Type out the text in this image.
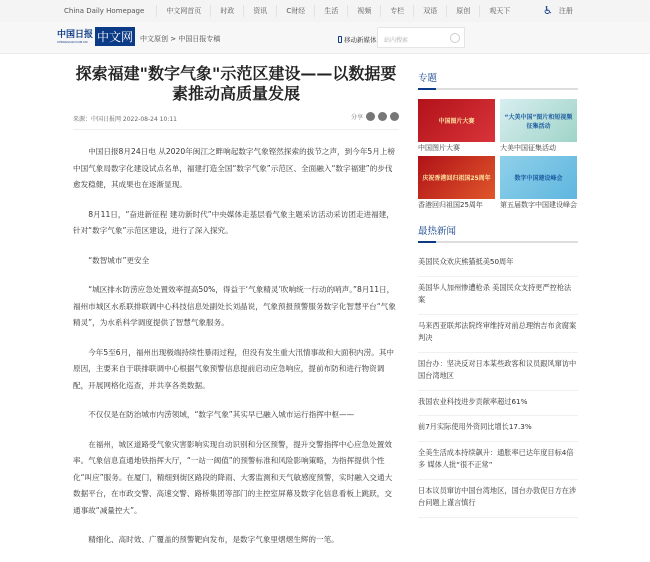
China Daily Homepage	中文网首页	时政	资讯	C财经	生活	视频	专栏	双语	原创	观天下	♿ 注册
中国日报
CHINADAILY.COM.CN 中文网 中文原创 > 中国日报专稿	移动新媒体	站内搜索
探索福建"数字气象"示范区建设——以数据要素推动高质量发展
来源：中国日报网 2022-08-24 10:11	分享

中国日报8月24日电 从2020年闽江之畔响起数字气象铿然探索的拔节之声，到今年5月上榜中国气象局数字化建设试点名单，福建打造全国“数字气象”示范区、全面融入“数字福建”的步伐愈发稳健，其成果也在逐渐显现。

8月11日，“奋进新征程 建功新时代”中央媒体走基层看气象主题采访活动采访团走进福建，针对“数字气象”示范区建设，进行了深入探究。

“数智城市”更安全

“城区排水防涝应急处置效率提高50%，得益于‘气象精灵’吹响统一行动的哨声。”8月11日，福州市城区水系联排联调中心科技信息处副处长刘晶说，气象预报预警服务数字化智慧平台“气象精灵”，为水系科学调度提供了智慧气象服务。

今年5至6月，福州出现极端持续性暴雨过程，但没有发生重大汛情事故和大面积内涝。其中原因，主要来自于联排联调中心根据气象预警信息提前启动应急响应，提前布防和进行物资调配，开展网格化巡查，并共享各类数据。

不仅仅是在防治城市内涝领域，“数字气象”其实早已融入城市运行指挥中枢——

在福州，城区道路受气象灾害影响实现自动识别和分区预警，提升交警指挥中心应急处置效率。气象信息直通地铁指挥大厅，“一站一阈值”的预警标准和风险影响策略，为指挥提供个性化“叫应”服务。在厦门，精细到街区路段的降雨、大雾监测和天气敏感度预警，实时融入交通大数据平台，在市政交警、高速交警、路桥集团等部门的主控室屏幕及数字化信息看板上跳跃，交通事故“减量控大”。

精细化、高时效、广覆盖的预警靶向发布，是数字气象里熠熠生辉的一笔。

专题
中国图片大赛
中国图片大赛
“大美中国”图片和短视频征集活动
大美中国征集活动
庆祝香港回归祖国25周年
香港回归祖国25周年
数字中国建设峰会
第五届数字中国建设峰会
最热新闻
美国民众欢庆熊猫抵美50周年
美国华人加州惨遭枪杀 美国民众支持更严控枪法案
马来西亚联邦法院终审维持对前总理纳吉布贪腐案判决
国台办：坚决反对日本某些政客和议员跟风窜访中国台湾地区
我国农业科技进步贡献率超过61%
前7月实际使用外资同比增长17.3%
全美生活成本持续飙升：通胀率已达年度目标4倍多 媒体人批“很不正常”
日本议员窜访中国台湾地区，国台办敦促日方在涉台问题上谨言慎行
